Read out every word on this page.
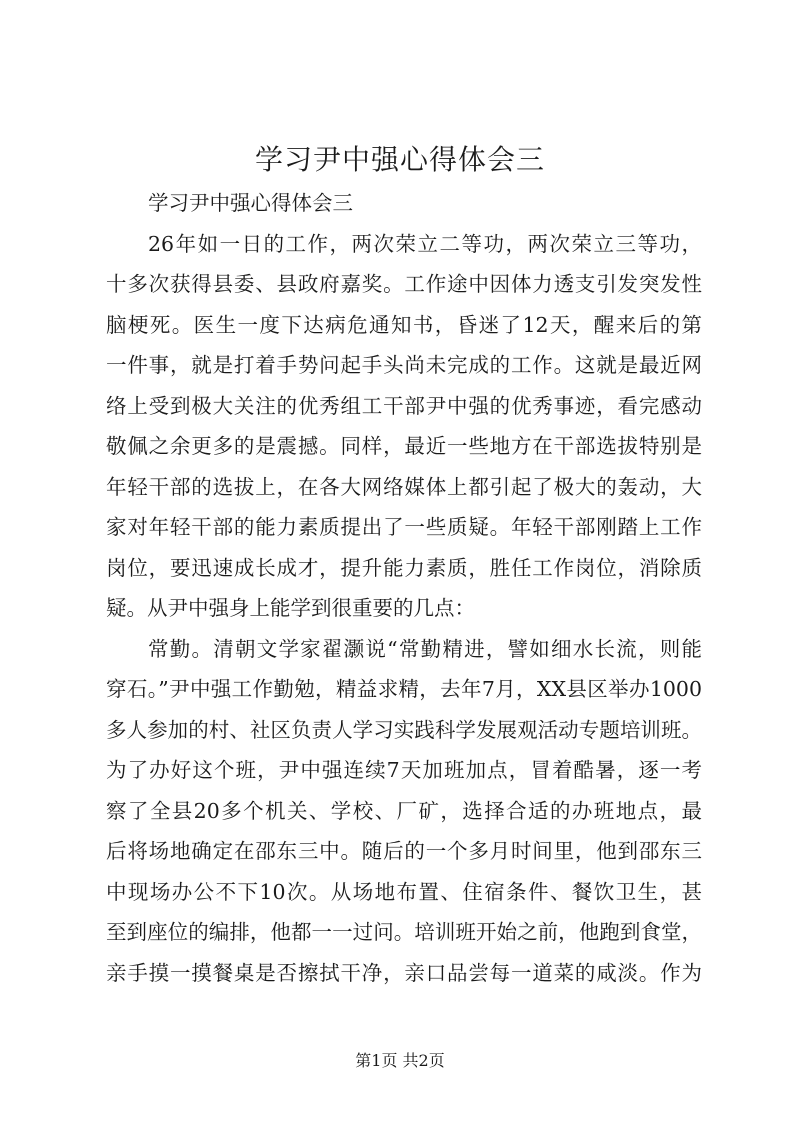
学习尹中强心得体会三
学习尹中强心得体会三
26年如一日的工作，两次荣立二等功，两次荣立三等功，
十多次获得县委、县政府嘉奖。工作途中因体力透支引发突发性
脑梗死。医生一度下达病危通知书，昏迷了12天，醒来后的第
一件事，就是打着手势问起手头尚未完成的工作。这就是最近网
络上受到极大关注的优秀组工干部尹中强的优秀事迹，看完感动
敬佩之余更多的是震撼。同样，最近一些地方在干部选拔特别是
年轻干部的选拔上，在各大网络媒体上都引起了极大的轰动，大
家对年轻干部的能力素质提出了一些质疑。年轻干部刚踏上工作
岗位，要迅速成长成才，提升能力素质，胜任工作岗位，消除质
疑。从尹中强身上能学到很重要的几点：
常勤。清朝文学家翟灏说“常勤精进，譬如细水长流，则能
穿石。”尹中强工作勤勉，精益求精，去年7月，XX县区举办1000
多人参加的村、社区负责人学习实践科学发展观活动专题培训班。
为了办好这个班，尹中强连续7天加班加点，冒着酷暑，逐一考
察了全县20多个机关、学校、厂矿，选择合适的办班地点，最
后将场地确定在邵东三中。随后的一个多月时间里，他到邵东三
中现场办公不下10次。从场地布置、住宿条件、餐饮卫生，甚
至到座位的编排，他都一一过问。培训班开始之前，他跑到食堂，
亲手摸一摸餐桌是否擦拭干净，亲口品尝每一道菜的咸淡。作为
第1页 共2页
